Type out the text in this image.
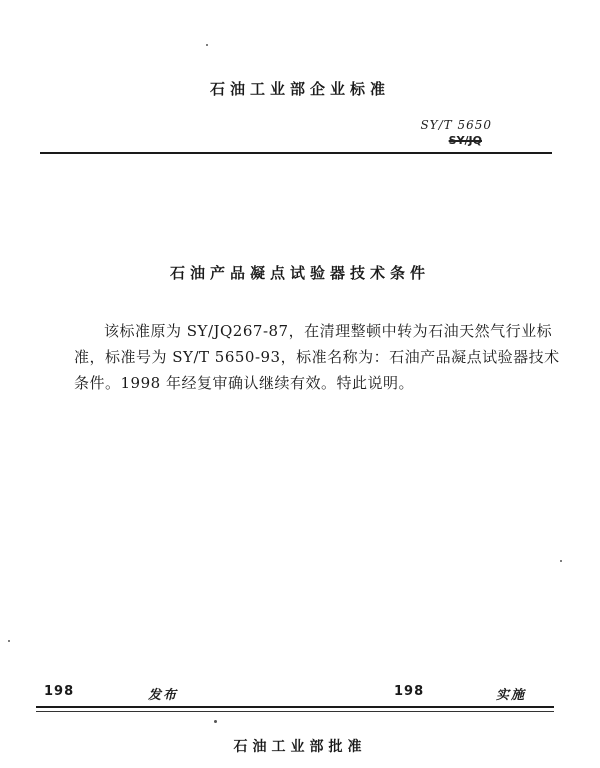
石油工业部企业标准
SY/T 5650
SY/JQ
石油产品凝点试验器技术条件

该标准原为 SY/JQ267-87，在清理整顿中转为石油天然气行业标准，标准号为 SY/T 5650-93，标准名称为：石油产品凝点试验器技术条件。1998 年经复审确认继续有效。特此说明。

198	发布	198	实施
石油工业部批准
